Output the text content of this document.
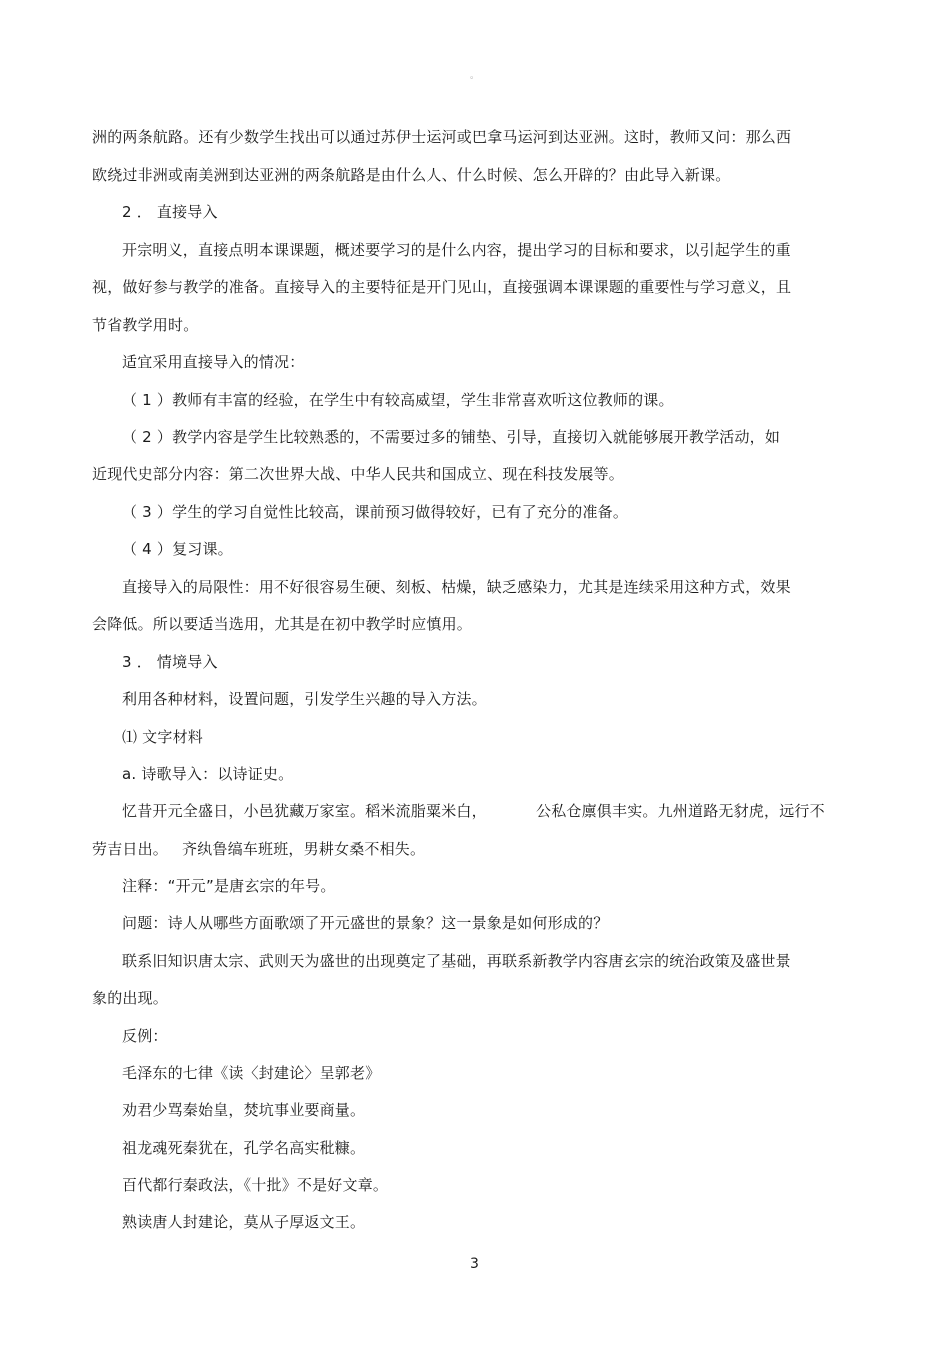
。
洲的两条航路。还有少数学生找出可以通过苏伊士运河或巴拿马运河到达亚洲。这时，教师又问：那么西
欧绕过非洲或南美洲到达亚洲的两条航路是由什么人、什么时候、怎么开辟的？由此导入新课。
2 ． 直接导入
开宗明义，直接点明本课课题，概述要学习的是什么内容，提出学习的目标和要求，以引起学生的重
视，做好参与教学的准备。直接导入的主要特征是开门见山，直接强调本课课题的重要性与学习意义，且
节省教学用时。
适宜采用直接导入的情况：
（ 1 ）教师有丰富的经验，在学生中有较高威望，学生非常喜欢听这位教师的课。
（ 2 ）教学内容是学生比较熟悉的，不需要过多的铺垫、引导，直接切入就能够展开教学活动，如
近现代史部分内容：第二次世界大战、中华人民共和国成立、现在科技发展等。
（ 3 ）学生的学习自觉性比较高，课前预习做得较好，已有了充分的准备。
（ 4 ）复习课。
直接导入的局限性：用不好很容易生硬、刻板、枯燥，缺乏感染力，尤其是连续采用这种方式，效果
会降低。所以要适当选用，尤其是在初中教学时应慎用。
3 ． 情境导入
利用各种材料，设置问题，引发学生兴趣的导入方法。
⑴ 文字材料
a. 诗歌导入：以诗证史。
忆昔开元全盛日，小邑犹藏万家室。稻米流脂粟米白，	公私仓廪俱丰实。九州道路无豺虎，远行不
劳吉日出。 齐纨鲁缟车班班，男耕女桑不相失。
注释：“开元”是唐玄宗的年号。
问题：诗人从哪些方面歌颂了开元盛世的景象？这一景象是如何形成的？
联系旧知识唐太宗、武则天为盛世的出现奠定了基础，再联系新教学内容唐玄宗的统治政策及盛世景
象的出现。
反例：
毛泽东的七律《读〈封建论〉呈郭老》
劝君少骂秦始皇，焚坑事业要商量。
祖龙魂死秦犹在，孔学名高实秕糠。
百代都行秦政法，《十批》不是好文章。
熟读唐人封建论，莫从子厚返文王。
3
